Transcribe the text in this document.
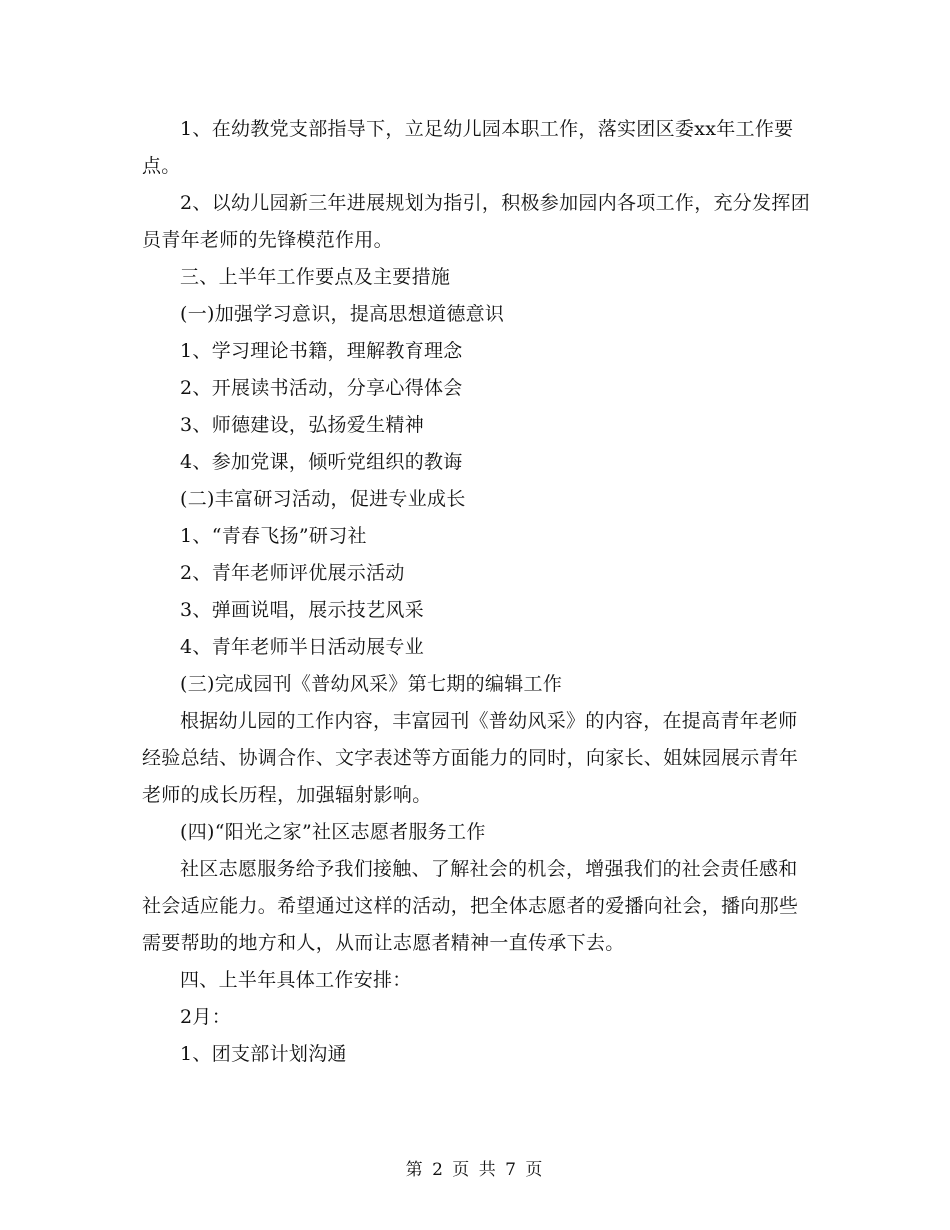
1、在幼教党支部指导下，立足幼儿园本职工作，落实团区委xx年工作要点。

2、以幼儿园新三年进展规划为指引，积极参加园内各项工作，充分发挥团员青年老师的先锋模范作用。

三、上半年工作要点及主要措施

(一)加强学习意识，提高思想道德意识

1、学习理论书籍，理解教育理念

2、开展读书活动，分享心得体会

3、师德建设，弘扬爱生精神

4、参加党课，倾听党组织的教诲

(二)丰富研习活动，促进专业成长

1、“青春飞扬”研习社

2、青年老师评优展示活动

3、弹画说唱，展示技艺风采

4、青年老师半日活动展专业

(三)完成园刊《普幼风采》第七期的编辑工作

根据幼儿园的工作内容，丰富园刊《普幼风采》的内容，在提高青年老师经验总结、协调合作、文字表述等方面能力的同时，向家长、姐妹园展示青年老师的成长历程，加强辐射影响。

(四)“阳光之家”社区志愿者服务工作

社区志愿服务给予我们接触、了解社会的机会，增强我们的社会责任感和社会适应能力。希望通过这样的活动，把全体志愿者的爱播向社会，播向那些需要帮助的地方和人，从而让志愿者精神一直传承下去。

四、上半年具体工作安排：

2月：

1、团支部计划沟通

第 2 页 共 7 页
